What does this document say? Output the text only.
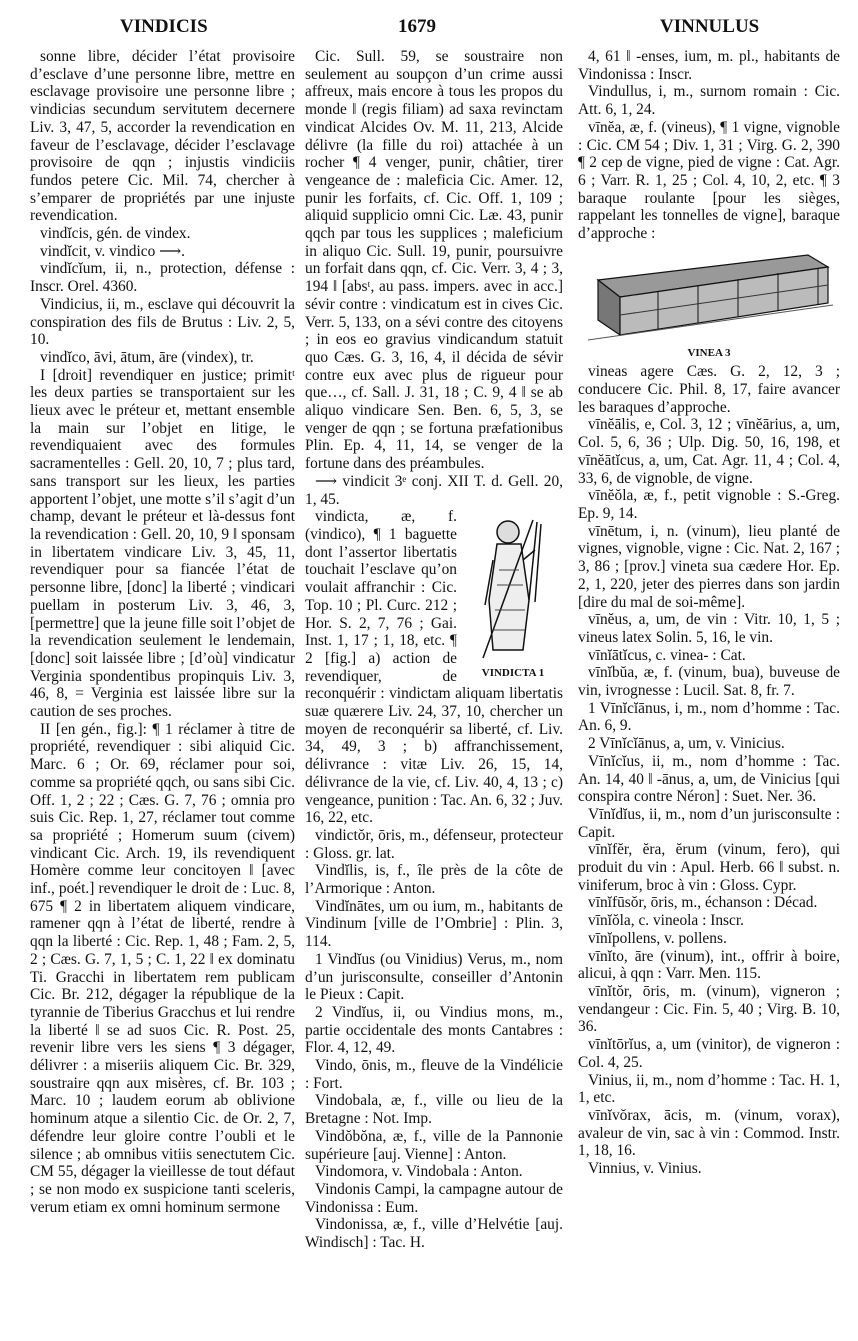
VINDICIS	1679	VINNULUS

sonne libre, décider l’état provisoire d’esclave d’une personne libre, mettre en esclavage provisoire une personne libre ; vindicias secundum servitutem decernere Liv. 3, 47, 5, accorder la revendication en faveur de l’esclavage, décider l’esclavage provisoire de qqn ; injustis vindiciis fundos petere Cic. Mil. 74, chercher à s’emparer de propriétés par une injuste revendication.

vindĭcis, gén. de vindex.

vindĭcit, v. vindico ⟶.

vindĭcĭum, ii, n., protection, défense : Inscr. Orel. 4360.

Vindicius, ii, m., esclave qui découvrit la conspiration des fils de Brutus : Liv. 2, 5, 10.

vindĭco, āvi, ātum, āre (vindex), tr.

I [droit] revendiquer en justice; primitᵗ les deux parties se transportaient sur les lieux avec le préteur et, mettant ensemble la main sur l’objet en litige, le revendiquaient avec des formules sacramentelles : Gell. 20, 10, 7 ; plus tard, sans transport sur les lieux, les parties apportent l’objet, une motte s’il s’agit d’un champ, devant le préteur et là-dessus font la revendication : Gell. 20, 10, 9 ‖ sponsam in libertatem vindicare Liv. 3, 45, 11, revendiquer pour sa fiancée l’état de personne libre, [donc] la liberté ; vindicari puellam in posterum Liv. 3, 46, 3, [permettre] que la jeune fille soit l’objet de la revendication seulement le lendemain, [donc] soit laissée libre ; [d’où] vindicatur Verginia spondentibus propinquis Liv. 3, 46, 8, = Verginia est laissée libre sur la caution de ses proches.

II [en gén., fig.]: ¶ 1 réclamer à titre de propriété, revendiquer : sibi aliquid Cic. Marc. 6 ; Or. 69, réclamer pour soi, comme sa propriété qqch, ou sans sibi Cic. Off. 1, 2 ; 22 ; Cæs. G. 7, 76 ; omnia pro suis Cic. Rep. 1, 27, réclamer tout comme sa propriété ; Homerum suum (civem) vindicant Cic. Arch. 19, ils revendiquent Homère comme leur concitoyen ‖ [avec inf., poét.] revendiquer le droit de : Luc. 8, 675 ¶ 2 in libertatem aliquem vindicare, ramener qqn à l’état de liberté, rendre à qqn la liberté : Cic. Rep. 1, 48 ; Fam. 2, 5, 2 ; Cæs. G. 7, 1, 5 ; C. 1, 22 ‖ ex dominatu Ti. Gracchi in libertatem rem publicam Cic. Br. 212, dégager la république de la tyrannie de Tiberius Gracchus et lui rendre la liberté ‖ se ad suos Cic. R. Post. 25, revenir libre vers les siens ¶ 3 dégager, délivrer : a miseriis aliquem Cic. Br. 329, soustraire qqn aux misères, cf. Br. 103 ; Marc. 10 ; laudem eorum ab oblivione hominum atque a silentio Cic. de Or. 2, 7, défendre leur gloire contre l’oubli et le silence ; ab omnibus vitiis senectutem Cic. CM 55, dégager la vieillesse de tout défaut ; se non modo ex suspicione tanti sceleris, verum etiam ex omni hominum sermone

Cic. Sull. 59, se soustraire non seulement au soupçon d’un crime aussi affreux, mais encore à tous les propos du monde ‖ (regis filiam) ad saxa revinctam vindicat Alcides Ov. M. 11, 213, Alcide délivre (la fille du roi) attachée à un rocher ¶ 4 venger, punir, châtier, tirer vengeance de : maleficia Cic. Amer. 12, punir les forfaits, cf. Cic. Off. 1, 109 ; aliquid supplicio omni Cic. Læ. 43, punir qqch par tous les supplices ; maleficium in aliquo Cic. Sull. 19, punir, poursuivre un forfait dans qqn, cf. Cic. Verr. 3, 4 ; 3, 194 ‖ [absᵗ, au pass. impers. avec in acc.] sévir contre : vindicatum est in cives Cic. Verr. 5, 133, on a sévi contre des citoyens ; in eos eo gravius vindicandum statuit quo Cæs. G. 3, 16, 4, il décida de sévir contre eux avec plus de rigueur pour que…, cf. Sall. J. 31, 18 ; C. 9, 4 ‖ se ab aliquo vindicare Sen. Ben. 6, 5, 3, se venger de qqn ; se fortuna præfationibus Plin. Ep. 4, 11, 14, se venger de la fortune dans des préambules.

⟶ vindicit 3ᵉ conj. XII T. d. Gell. 20, 1, 45.

VINDICTA 1

vindicta, æ, f. (vindico), ¶ 1 baguette dont l’assertor libertatis touchait l’esclave qu’on voulait affranchir : Cic. Top. 10 ; Pl. Curc. 212 ; Hor. S. 2, 7, 76 ; Gai. Inst. 1, 17 ; 1, 18, etc. ¶ 2 [fig.] a) action de revendiquer, de reconquérir : vindictam aliquam libertatis suæ quærere Liv. 24, 37, 10, chercher un moyen de reconquérir sa liberté, cf. Liv. 34, 49, 3 ; b) affranchissement, délivrance : vitæ Liv. 26, 15, 14, délivrance de la vie, cf. Liv. 40, 4, 13 ; c) vengeance, punition : Tac. An. 6, 32 ; Juv. 16, 22, etc.

vindictŏr, ōris, m., défenseur, protecteur : Gloss. gr. lat.

Vindĭlis, is, f., île près de la côte de l’Armorique : Anton.

Vindĭnātes, um ou ium, m., habitants de Vindinum [ville de l’Ombrie] : Plin. 3, 114.

1 Vindĭus (ou Vinidius) Verus, m., nom d’un jurisconsulte, conseiller d’Antonin le Pieux : Capit.

2 Vindĭus, ii, ou Vindius mons, m., partie occidentale des monts Cantabres : Flor. 4, 12, 49.

Vindo, ōnis, m., fleuve de la Vindélicie : Fort.

Vindobala, æ, f., ville ou lieu de la Bretagne : Not. Imp.

Vindŏbŏna, æ, f., ville de la Pannonie supérieure [auj. Vienne] : Anton.

Vindomora, v. Vindobala : Anton.

Vindonis Campi, la campagne autour de Vindonissa : Eum.

Vindonissa, æ, f., ville d’Helvétie [auj. Windisch] : Tac. H.

4, 61 ‖ -enses, ium, m. pl., habitants de Vindonissa : Inscr.

Vindullus, i, m., surnom romain : Cic. Att. 6, 1, 24.

vīnĕa, æ, f. (vineus), ¶ 1 vigne, vignoble : Cic. CM 54 ; Div. 1, 31 ; Virg. G. 2, 390 ¶ 2 cep de vigne, pied de vigne : Cat. Agr. 6 ; Varr. R. 1, 25 ; Col. 4, 10, 2, etc. ¶ 3 baraque roulante [pour les sièges, rappelant les tonnelles de vigne], baraque d’approche :

VINEA 3

vineas agere Cæs. G. 2, 12, 3 ; conducere Cic. Phil. 8, 17, faire avancer les baraques d’approche.

vīnĕālis, e, Col. 3, 12 ; vīnĕārius, a, um, Col. 5, 6, 36 ; Ulp. Dig. 50, 16, 198, et vīnĕātĭcus, a, um, Cat. Agr. 11, 4 ; Col. 4, 33, 6, de vignoble, de vigne.

vīnĕŏla, æ, f., petit vignoble : S.-Greg. Ep. 9, 14.

vīnētum, i, n. (vinum), lieu planté de vignes, vignoble, vigne : Cic. Nat. 2, 167 ; 3, 86 ; [prov.] vineta sua cædere Hor. Ep. 2, 1, 220, jeter des pierres dans son jardin [dire du mal de soi-même].

vīnĕus, a, um, de vin : Vitr. 10, 1, 5 ; vineus latex Solin. 5, 16, le vin.

vīnĭātĭcus, c. vinea- : Cat.

vīnĭbŭa, æ, f. (vinum, bua), buveuse de vin, ivrognesse : Lucil. Sat. 8, fr. 7.

1 Vīnĭcĭānus, i, m., nom d’homme : Tac. An. 6, 9.

2 Vīnĭcĭānus, a, um, v. Vinicius.

Vīnĭcĭus, ii, m., nom d’homme : Tac. An. 14, 40 ‖ -ānus, a, um, de Vinicius [qui conspira contre Néron] : Suet. Ner. 36.

Vīnĭdĭus, ii, m., nom d’un jurisconsulte : Capit.

vīnĭfĕr, ĕra, ĕrum (vinum, fero), qui produit du vin : Apul. Herb. 66 ‖ subst. n. viniferum, broc à vin : Gloss. Cypr.

vīnĭfūsŏr, ōris, m., échanson : Décad.

vīnĭŏla, c. vineola : Inscr.

vīnĭpollens, v. pollens.

vīnĭto, āre (vinum), int., offrir à boire, alicui, à qqn : Varr. Men. 115.

vīnĭtŏr, ōris, m. (vinum), vigneron ; vendangeur : Cic. Fin. 5, 40 ; Virg. B. 10, 36.

vīnĭtōrĭus, a, um (vinitor), de vigneron : Col. 4, 25.

Vinius, ii, m., nom d’homme : Tac. H. 1, 1, etc.

vīnĭvŏrax, ācis, m. (vinum, vorax), avaleur de vin, sac à vin : Commod. Instr. 1, 18, 16.

Vinnius, v. Vinius.
